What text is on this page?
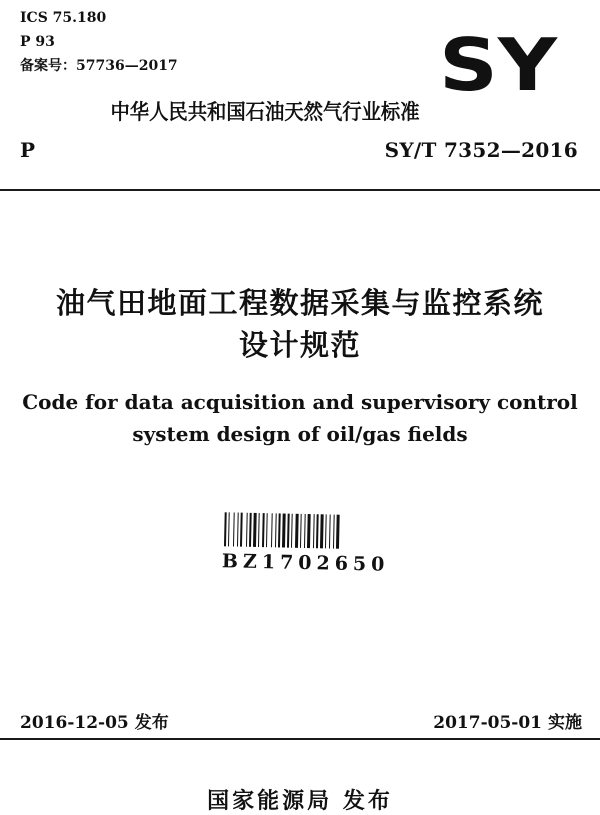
ICS 75.180
P 93
备案号：57736—2017	SY
中华人民共和国石油天然气行业标准
P	SY/T 7352—2016
油气田地面工程数据采集与监控系统
设计规范
Code for data acquisition and supervisory control
system design of oil/gas fields
BZ1702650
2016-12-05 发布	2017-05-01 实施
国家能源局 发布
